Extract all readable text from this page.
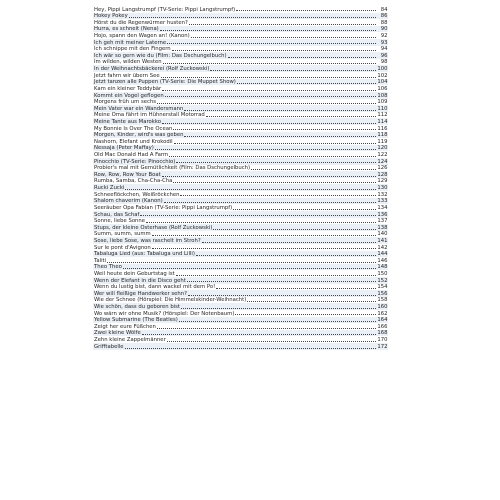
Hey, Pippi Langstrumpf (TV-Serie: Pippi Langstrumpf)	84
Hokey Pokey	86
Hörst du die Regenwürmer husten?	88
Hurra, es schneit (Nena)	90
Hojo, spann den Wagen an! (Kanon)	92
Ich geh mit meiner Laterne	93
Ich schnippe mit den Fingern	94
Ich wär so gern wie du (Film: Das Dschungelbuch)	96
Im wilden, wilden Westen	98
In der Weihnachtsbäckerei (Rolf Zuckowski)	100
Jetzt fahrn wir übern See	102
Jetzt tanzen alle Puppen (TV-Serie: Die Muppet Show)	104
Kam ein kleiner Teddybär	106
Kommt ein Vogel geflogen	108
Morgens früh um sechs	109
Mein Vater war ein Wandersmann	110
Meine Oma fährt im Hühnerstall Motorrad	112
Meine Tante aus Marokko	114
My Bonnie Is Over The Ocean	116
Morgen, Kinder, wird's was geben	118
Nashorn, Elefant und Krokodil	119
Nessaja (Peter Maffay)	120
Old Mac Donald Had A Farm	122
Pinocchio (TV-Serie: Pinocchio)	124
Probier's mal mit Gemütlichkeit (Film: Das Dschungelbuch)	126
Row, Row, Row Your Boat	128
Rumba, Samba, Cha-Cha-Cha	129
Rucki Zucki	130
Schneeflöckchen, Weißröckchen	132
Shalom chaverim (Kanon)	133
Seeräuber Opa Fabian (TV-Serie: Pippi Langstrumpf)	134
Schau, das Schaf	136
Sonne, liebe Sonne	137
Stups, der kleine Osterhase (Rolf Zuckowski)	138
Summ, summ, summ	140
Sose, liebe Sose, was raschelt im Stroh?	141
Sur le pont d'Avignon	142
Tabaluga Lied (aus: Tabaluga und Lilli)	144
Taliti	146
Theo Theo	148
Weil heute dein Geburtstag ist	150
Wenn der Elefant in die Disco geht	152
Wenn du lustig bist, dann wackel mit dem Po!	154
Wer will fleißige Handwerker sehn?	156
Wie der Schnee (Hörspiel: Die Himmelskinder-Weihnacht)	158
Wie schön, dass du geboren bist	160
Wo wärn wir ohne Musik? (Hörspiel: Der Notenbaum)	162
Yellow Submarine (The Beatles)	164
Zeigt her eure Füßchen	166
Zwei kleine Wölfe	168
Zehn kleine Zappelmänner	170
Grifftabelle	172
